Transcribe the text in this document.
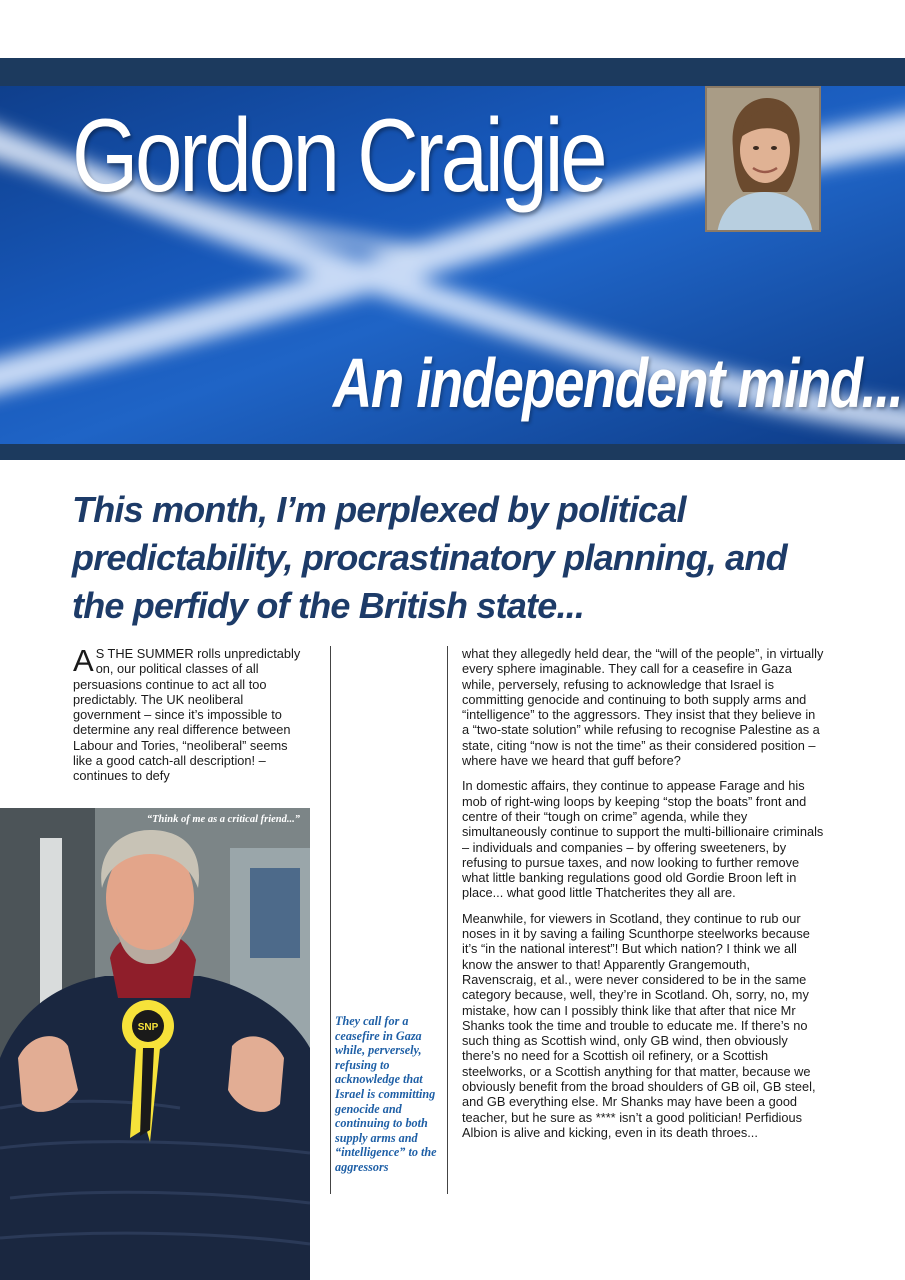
Gordon Craigie
An independent mind...
This month, I’m perplexed by political predictability, procrastinatory planning, and the perfidy of the British state...

A S THE SUMMER rolls unpredictably on, our political classes of all persuasions continue to act all too predictably. The UK neoliberal government – since it’s impossible to determine any real difference between Labour and Tories, “neoliberal” seems like a good catch-all description! – continues to defy

They call for a ceasefire in Gaza while, perversely, refusing to acknowledge that Israel is committing genocide and continuing to both supply arms and “intelligence” to the aggressors

what they allegedly held dear, the “will of the people”, in virtually every sphere imaginable. They call for a ceasefire in Gaza while, perversely, refusing to acknowledge that Israel is committing genocide and continuing to both supply arms and “intelligence” to the aggressors. They insist that they believe in a “two-state solution” while refusing to recognise Palestine as a state, citing “now is not the time” as their considered position – where have we heard that guff before?

In domestic affairs, they continue to appease Farage and his mob of right-wing loops by keeping “stop the boats” front and centre of their “tough on crime” agenda, while they simultaneously continue to support the multi-billionaire criminals – individuals and companies – by offering sweeteners, by refusing to pursue taxes, and now looking to further remove what little banking regulations good old Gordie Broon left in place... what good little Thatcherites they all are.

Meanwhile, for viewers in Scotland, they continue to rub our noses in it by saving a failing Scunthorpe steelworks because it’s “in the national interest”! But which nation? I think we all know the answer to that! Apparently Grangemouth, Ravenscraig, et al., were never considered to be in the same category because, well, they’re in Scotland. Oh, sorry, no, my mistake, how can I possibly think like that after that nice Mr Shanks took the time and trouble to educate me. If there’s no such thing as Scottish wind, only GB wind, then obviously there’s no need for a Scottish oil refinery, or a Scottish steelworks, or a Scottish anything for that matter, because we obviously benefit from the broad shoulders of GB oil, GB steel, and GB everything else. Mr Shanks may have been a good teacher, but he sure as **** isn’t a good politician! Perfidious Albion is alive and kicking, even in its death throes...

SNP

“Think of me as a critical friend...”
